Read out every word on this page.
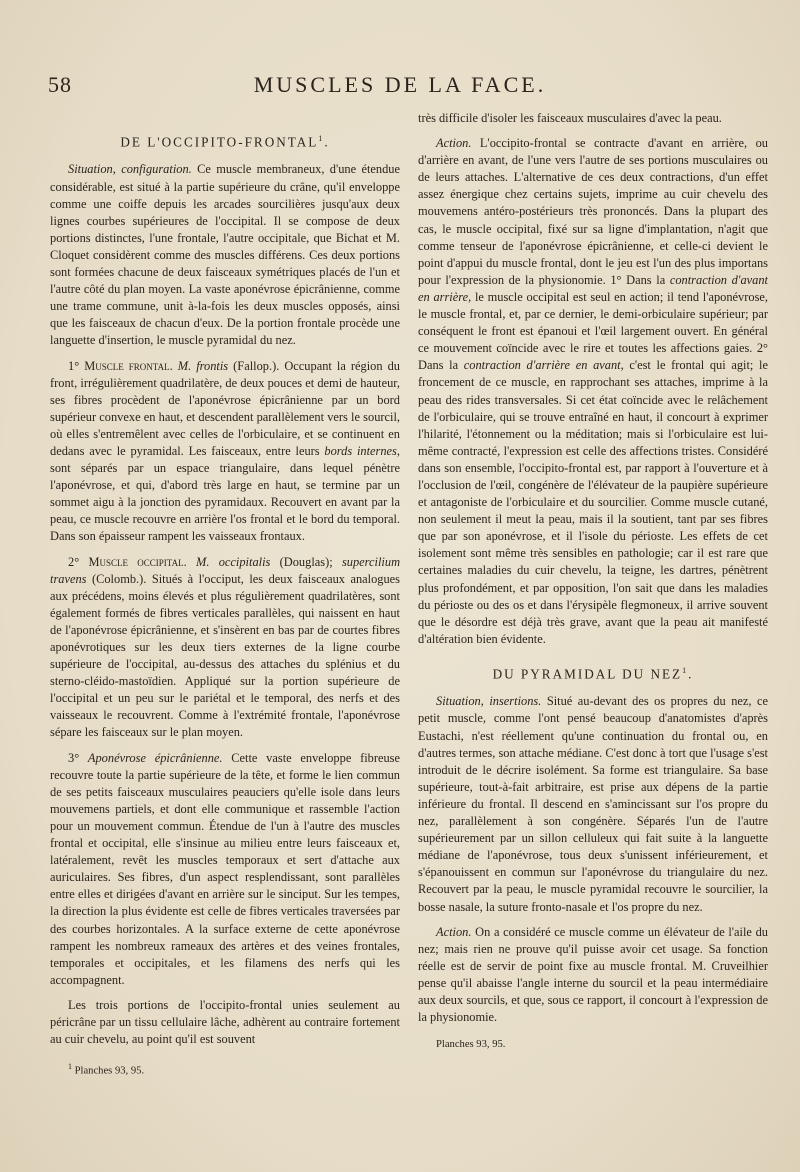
58	MUSCLES DE LA FACE.
DE L'OCCIPITO-FRONTAL$^1$.

Situation, configuration. Ce muscle membraneux, d'une étendue considérable, est situé à la partie supérieure du crâne, qu'il enveloppe comme une coiffe depuis les arcades sourcilières jusqu'aux deux lignes courbes supérieures de l'occipital. Il se compose de deux portions distinctes, l'une frontale, l'autre occipitale, que Bichat et M. Cloquet considèrent comme des muscles différens. Ces deux portions sont formées chacune de deux faisceaux symétriques placés de l'un et l'autre côté du plan moyen. La vaste aponévrose épicrânienne, comme une trame commune, unit à-la-fois les deux muscles opposés, ainsi que les faisceaux de chacun d'eux. De la portion frontale procède une languette d'insertion, le muscle pyramidal du nez.

1° Muscle frontal. M. frontis (Fallop.). Occupant la région du front, irrégulièrement quadrilatère, de deux pouces et demi de hauteur, ses fibres procèdent de l'aponévrose épicrânienne par un bord supérieur convexe en haut, et descendent parallèlement vers le sourcil, où elles s'entremêlent avec celles de l'orbiculaire, et se continuent en dedans avec le pyramidal. Les faisceaux, entre leurs bords internes, sont séparés par un espace triangulaire, dans lequel pénètre l'aponévrose, et qui, d'abord très large en haut, se termine par un sommet aigu à la jonction des pyramidaux. Recouvert en avant par la peau, ce muscle recouvre en arrière l'os frontal et le bord du temporal. Dans son épaisseur rampent les vaisseaux frontaux.

2° Muscle occipital. M. occipitalis (Douglas); supercilium travens (Colomb.). Situés à l'occiput, les deux faisceaux analogues aux précédens, moins élevés et plus régulièrement quadrilatères, sont également formés de fibres verticales parallèles, qui naissent en haut de l'aponévrose épicrânienne, et s'insèrent en bas par de courtes fibres aponévrotiques sur les deux tiers externes de la ligne courbe supérieure de l'occipital, au-dessus des attaches du splénius et du sterno-cléido-mastoïdien. Appliqué sur la portion supérieure de l'occipital et un peu sur le pariétal et le temporal, des nerfs et des vaisseaux le recouvrent. Comme à l'extrémité frontale, l'aponévrose sépare les faisceaux sur le plan moyen.

3° Aponévrose épicrânienne. Cette vaste enveloppe fibreuse recouvre toute la partie supérieure de la tête, et forme le lien commun de ses petits faisceaux musculaires peauciers qu'elle isole dans leurs mouvemens partiels, et dont elle communique et rassemble l'action pour un mouvement commun. Étendue de l'un à l'autre des muscles frontal et occipital, elle s'insinue au milieu entre leurs faisceaux et, latéralement, revêt les muscles temporaux et sert d'attache aux auriculaires. Ses fibres, d'un aspect resplendissant, sont parallèles entre elles et dirigées d'avant en arrière sur le sinciput. Sur les tempes, la direction la plus évidente est celle de fibres verticales traversées par des courbes horizontales. A la surface externe de cette aponévrose rampent les nombreux rameaux des artères et des veines frontales, temporales et occipitales, et les filamens des nerfs qui les accompagnent.

Les trois portions de l'occipito-frontal unies seulement au péricrâne par un tissu cellulaire lâche, adhèrent au contraire fortement au cuir chevelu, au point qu'il est souvent

$^1$ Planches 93, 95.

très difficile d'isoler les faisceaux musculaires d'avec la peau.

Action. L'occipito-frontal se contracte d'avant en arrière, ou d'arrière en avant, de l'une vers l'autre de ses portions musculaires ou de leurs attaches. L'alternative de ces deux contractions, d'un effet assez énergique chez certains sujets, imprime au cuir chevelu des mouvemens antéro-postérieurs très prononcés. Dans la plupart des cas, le muscle occipital, fixé sur sa ligne d'implantation, n'agit que comme tenseur de l'aponévrose épicrânienne, et celle-ci devient le point d'appui du muscle frontal, dont le jeu est l'un des plus importans pour l'expression de la physionomie. 1° Dans la contraction d'avant en arrière, le muscle occipital est seul en action; il tend l'aponévrose, le muscle frontal, et, par ce dernier, le demi-orbiculaire supérieur; par conséquent le front est épanoui et l'œil largement ouvert. En général ce mouvement coïncide avec le rire et toutes les affections gaies. 2° Dans la contraction d'arrière en avant, c'est le frontal qui agit; le froncement de ce muscle, en rapprochant ses attaches, imprime à la peau des rides transversales. Si cet état coïncide avec le relâchement de l'orbiculaire, qui se trouve entraîné en haut, il concourt à exprimer l'hilarité, l'étonnement ou la méditation; mais si l'orbiculaire est lui-même contracté, l'expression est celle des affections tristes. Considéré dans son ensemble, l'occipito-frontal est, par rapport à l'ouverture et à l'occlusion de l'œil, congénère de l'élévateur de la paupière supérieure et antagoniste de l'orbiculaire et du sourcilier. Comme muscle cutané, non seulement il meut la peau, mais il la soutient, tant par ses fibres que par son aponévrose, et il l'isole du périoste. Les effets de cet isolement sont même très sensibles en pathologie; car il est rare que certaines maladies du cuir chevelu, la teigne, les dartres, pénètrent plus profondément, et par opposition, l'on sait que dans les maladies du périoste ou des os et dans l'érysipèle flegmoneux, il arrive souvent que le désordre est déjà très grave, avant que la peau ait manifesté d'altération bien évidente.

DU PYRAMIDAL DU NEZ$^1$.

Situation, insertions. Situé au-devant des os propres du nez, ce petit muscle, comme l'ont pensé beaucoup d'anatomistes d'après Eustachi, n'est réellement qu'une continuation du frontal ou, en d'autres termes, son attache médiane. C'est donc à tort que l'usage s'est introduit de le décrire isolément. Sa forme est triangulaire. Sa base supérieure, tout-à-fait arbitraire, est prise aux dépens de la partie inférieure du frontal. Il descend en s'amincissant sur l'os propre du nez, parallèlement à son congénère. Séparés l'un de l'autre supérieurement par un sillon celluleux qui fait suite à la languette médiane de l'aponévrose, tous deux s'unissent inférieurement, et s'épanouissent en commun sur l'aponévrose du triangulaire du nez. Recouvert par la peau, le muscle pyramidal recouvre le sourcilier, la bosse nasale, la suture fronto-nasale et l'os propre du nez.

Action. On a considéré ce muscle comme un élévateur de l'aile du nez; mais rien ne prouve qu'il puisse avoir cet usage. Sa fonction réelle est de servir de point fixe au muscle frontal. M. Cruveilhier pense qu'il abaisse l'angle interne du sourcil et la peau intermédiaire aux deux sourcils, et que, sous ce rapport, il concourt à l'expression de la physionomie.

Planches 93, 95.
